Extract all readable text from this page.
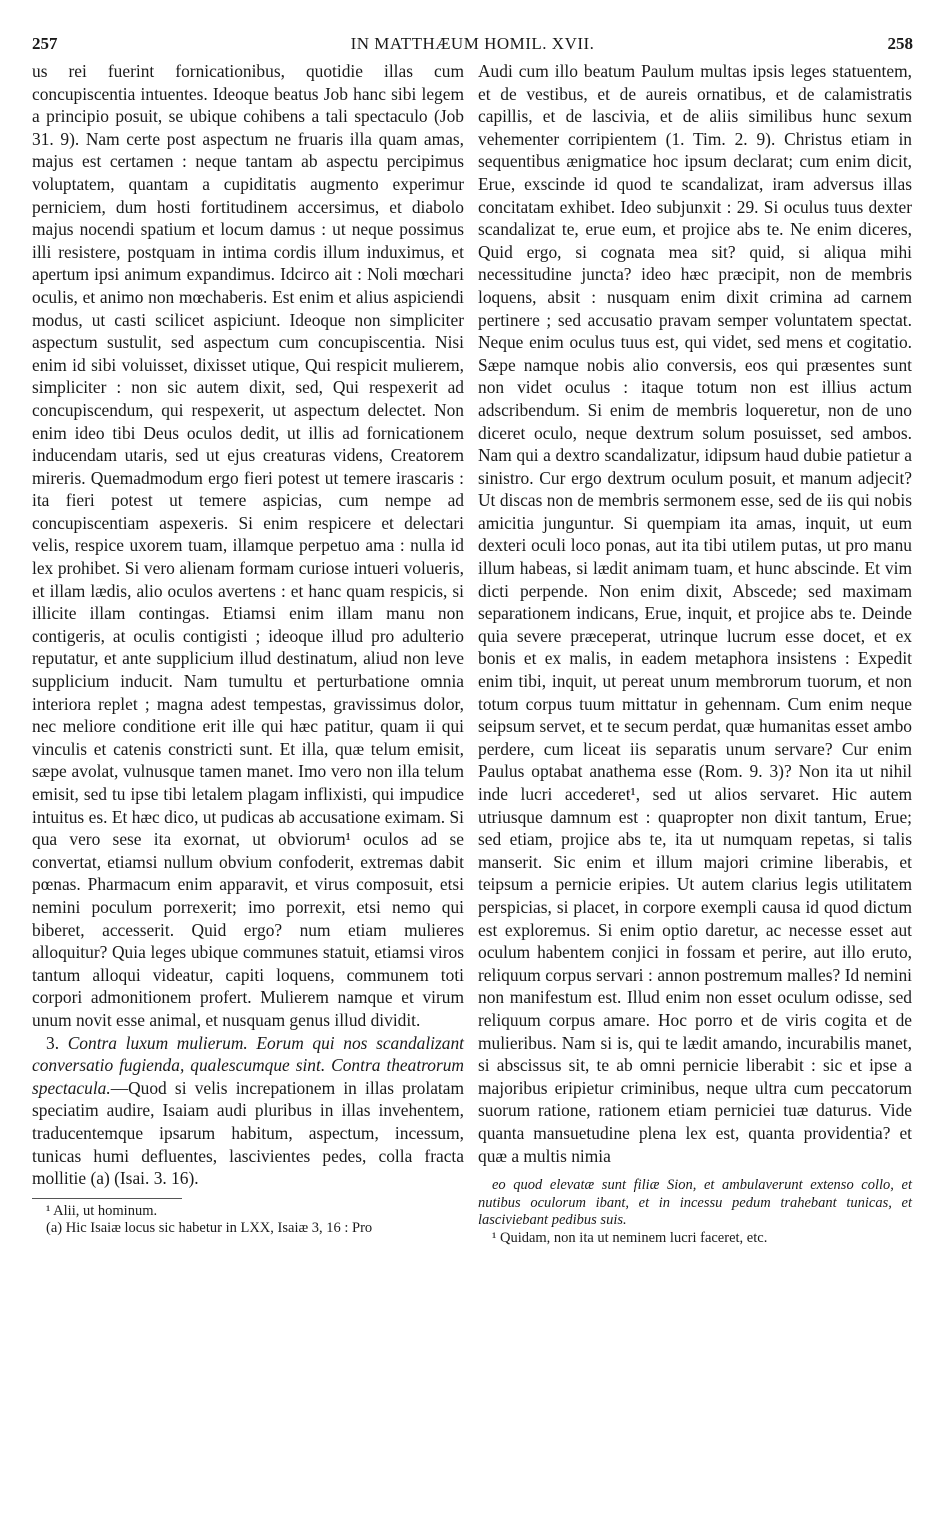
257	IN MATTHÆUM HOMIL. XVII.	258

us rei fuerint fornicationibus, quotidie illas cum concupiscentia intuentes. Ideoque beatus Job hanc sibi legem a principio posuit, se ubique cohibens a tali spectaculo (Job 31. 9). Nam certe post aspectum ne fruaris illa quam amas, majus est certamen : neque tantam ab aspectu percipimus voluptatem, quantam a cupiditatis augmento experimur perniciem, dum hosti fortitudinem accersimus, et diabolo majus nocendi spatium et locum damus : ut neque possimus illi resistere, postquam in intima cordis illum induximus, et apertum ipsi animum expandimus. Idcirco ait : Noli mœchari oculis, et animo non mœchaberis. Est enim et alius aspiciendi modus, ut casti scilicet aspiciunt. Ideoque non simpliciter aspectum sustulit, sed aspectum cum concupiscentia. Nisi enim id sibi voluisset, dixisset utique, Qui respicit mulierem, simpliciter : non sic autem dixit, sed, Qui respexerit ad concupiscendum, qui respexerit, ut aspectum delectet. Non enim ideo tibi Deus oculos dedit, ut illis ad fornicationem inducendam utaris, sed ut ejus creaturas videns, Creatorem mireris. Quemadmodum ergo fieri potest ut temere irascaris : ita fieri potest ut temere aspicias, cum nempe ad concupiscentiam aspexeris. Si enim respicere et delectari velis, respice uxorem tuam, illamque perpetuo ama : nulla id lex prohibet. Si vero alienam formam curiose intueri volueris, et illam lædis, alio oculos avertens : et hanc quam respicis, si illicite illam contingas. Etiamsi enim illam manu non contigeris, at oculis contigisti ; ideoque illud pro adulterio reputatur, et ante supplicium illud destinatum, aliud non leve supplicium inducit. Nam tumultu et perturbatione omnia interiora replet ; magna adest tempestas, gravissimus dolor, nec meliore conditione erit ille qui hæc patitur, quam ii qui vinculis et catenis constricti sunt. Et illa, quæ telum emisit, sæpe avolat, vulnusque tamen manet. Imo vero non illa telum emisit, sed tu ipse tibi letalem plagam inflixisti, qui impudice intuitus es. Et hæc dico, ut pudicas ab accusatione eximam. Si qua vero sese ita exornat, ut obviorum¹ oculos ad se convertat, etiamsi nullum obvium confoderit, extremas dabit pœnas. Pharmacum enim apparavit, et virus composuit, etsi nemini poculum porrexerit; imo porrexit, etsi nemo qui biberet, accesserit. Quid ergo? num etiam mulieres alloquitur? Quia leges ubique communes statuit, etiamsi viros tantum alloqui videatur, capiti loquens, communem toti corpori admonitionem profert. Mulierem namque et virum unum novit esse animal, et nusquam genus illud dividit.

3. Contra luxum mulierum. Eorum qui nos scandalizant conversatio fugienda, qualescumque sint. Contra theatrorum spectacula.—Quod si velis increpationem in illas prolatam speciatim audire, Isaiam audi pluribus in illas invehentem, traducentemque ipsarum habitum, aspectum, incessum, tunicas humi defluentes, lascivientes pedes, colla fracta mollitie (a) (Isai. 3. 16).

¹ Alii, ut hominum.

(a) Hic Isaiæ locus sic habetur in LXX, Isaiæ 3, 16 : Pro

Audi cum illo beatum Paulum multas ipsis leges statuentem, et de vestibus, et de aureis ornatibus, et de calamistratis capillis, et de lascivia, et de aliis similibus hunc sexum vehementer corripientem (1. Tim. 2. 9). Christus etiam in sequentibus ænigmatice hoc ipsum declarat; cum enim dicit, Erue, exscinde id quod te scandalizat, iram adversus illas concitatam exhibet. Ideo subjunxit : 29. Si oculus tuus dexter scandalizat te, erue eum, et projice abs te. Ne enim diceres, Quid ergo, si cognata mea sit? quid, si aliqua mihi necessitudine juncta? ideo hæc præcipit, non de membris loquens, absit : nusquam enim dixit crimina ad carnem pertinere ; sed accusatio pravam semper voluntatem spectat. Neque enim oculus tuus est, qui videt, sed mens et cogitatio. Sæpe namque nobis alio conversis, eos qui præsentes sunt non videt oculus : itaque totum non est illius actum adscribendum. Si enim de membris loqueretur, non de uno diceret oculo, neque dextrum solum posuisset, sed ambos. Nam qui a dextro scandalizatur, idipsum haud dubie patietur a sinistro. Cur ergo dextrum oculum posuit, et manum adjecit? Ut discas non de membris sermonem esse, sed de iis qui nobis amicitia junguntur. Si quempiam ita amas, inquit, ut eum dexteri oculi loco ponas, aut ita tibi utilem putas, ut pro manu illum habeas, si lædit animam tuam, et hunc abscinde. Et vim dicti perpende. Non enim dixit, Abscede; sed maximam separationem indicans, Erue, inquit, et projice abs te. Deinde quia severe præceperat, utrinque lucrum esse docet, et ex bonis et ex malis, in eadem metaphora insistens : Expedit enim tibi, inquit, ut pereat unum membrorum tuorum, et non totum corpus tuum mittatur in gehennam. Cum enim neque seipsum servet, et te secum perdat, quæ humanitas esset ambo perdere, cum liceat iis separatis unum servare? Cur enim Paulus optabat anathema esse (Rom. 9. 3)? Non ita ut nihil inde lucri accederet¹, sed ut alios servaret. Hic autem utriusque damnum est : quapropter non dixit tantum, Erue; sed etiam, projice abs te, ita ut numquam repetas, si talis manserit. Sic enim et illum majori crimine liberabis, et teipsum a pernicie eripies. Ut autem clarius legis utilitatem perspicias, si placet, in corpore exempli causa id quod dictum est exploremus. Si enim optio daretur, ac necesse esset aut oculum habentem conjici in fossam et perire, aut illo eruto, reliquum corpus servari : annon postremum malles? Id nemini non manifestum est. Illud enim non esset oculum odisse, sed reliquum corpus amare. Hoc porro et de viris cogita et de mulieribus. Nam si is, qui te lædit amando, incurabilis manet, si abscissus sit, te ab omni pernicie liberabit : sic et ipse a majoribus eripietur criminibus, neque ultra cum peccatorum suorum ratione, rationem etiam perniciei tuæ daturus. Vide quanta mansuetudine plena lex est, quanta providentia? et quæ a multis nimia

eo quod elevatæ sunt filiæ Sion, et ambulaverunt extenso collo, et nutibus oculorum ibant, et in incessu pedum trahebant tunicas, et lasciviebant pedibus suis.

¹ Quidam, non ita ut neminem lucri faceret, etc.
